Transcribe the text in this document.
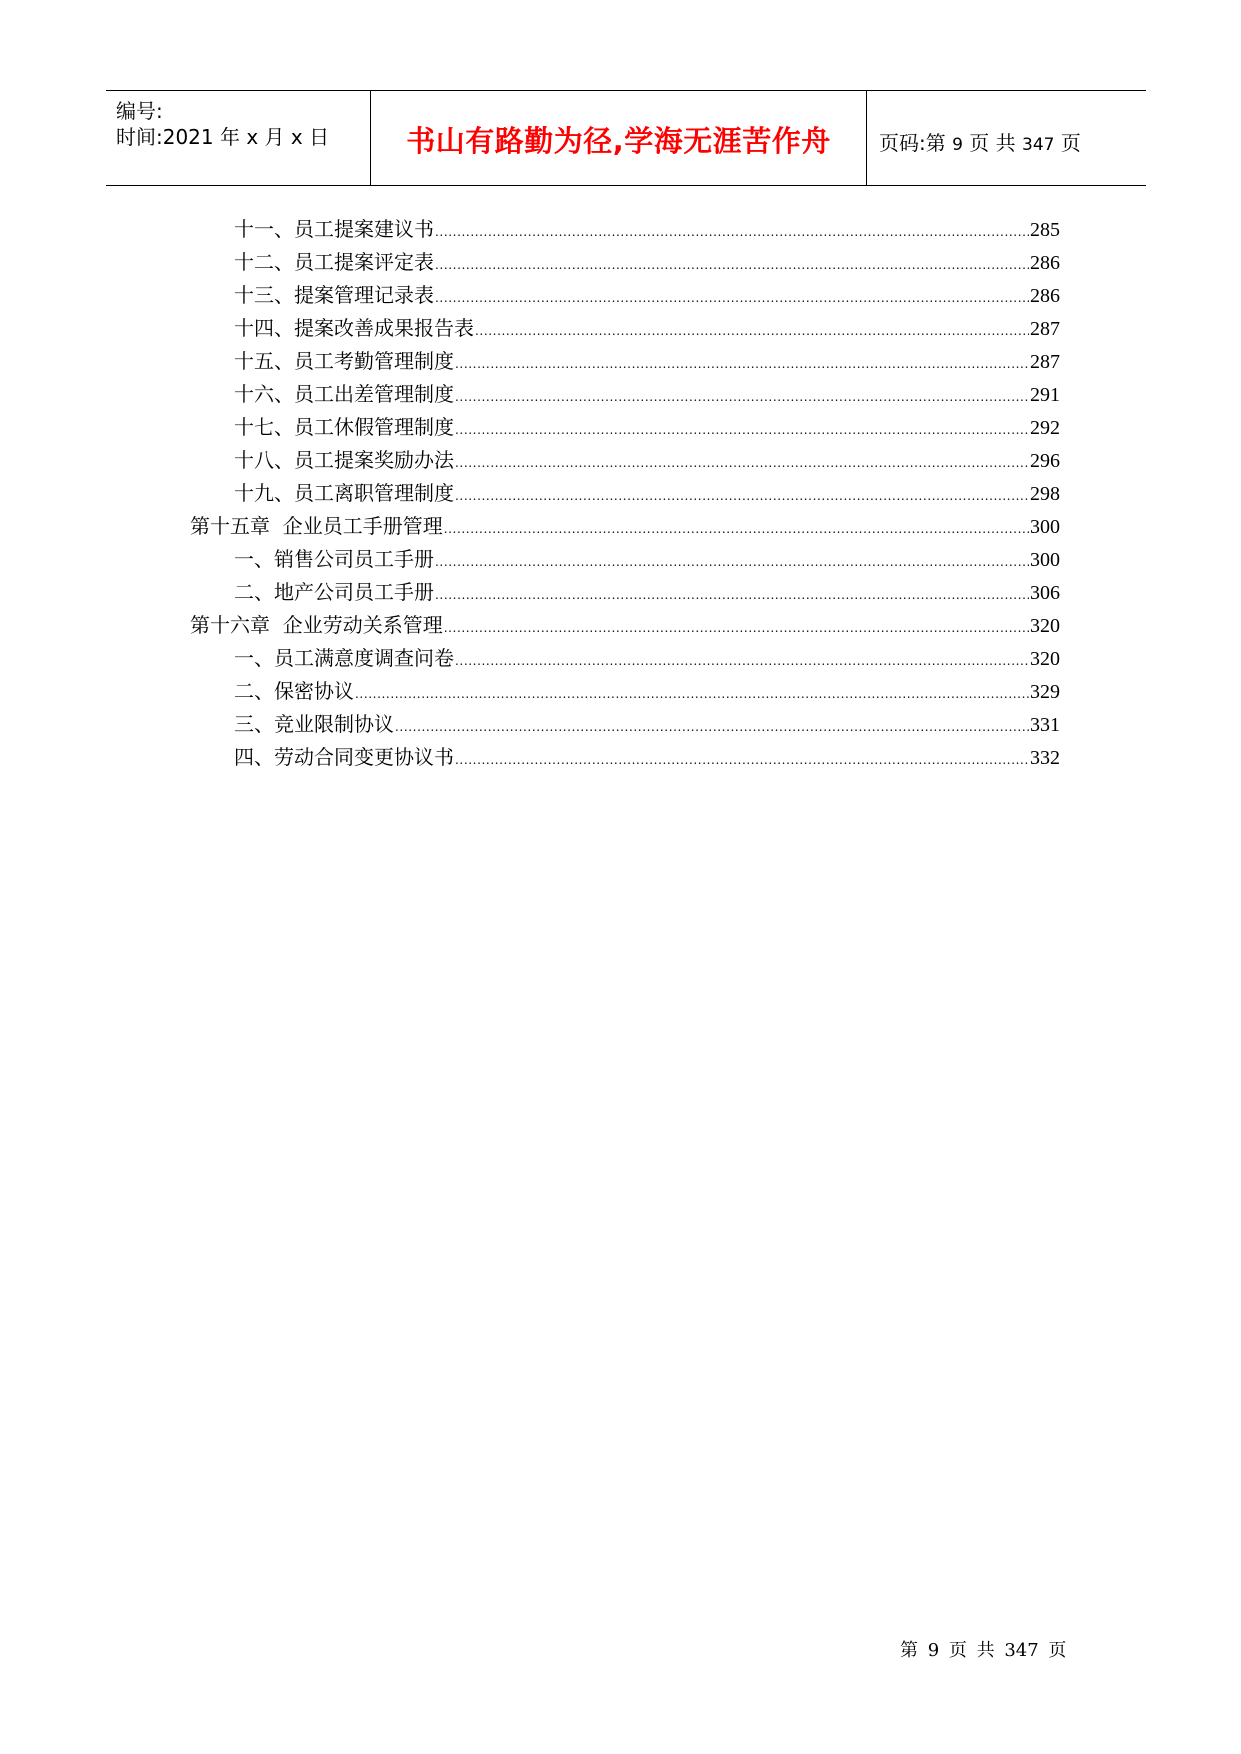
编号:
时间:2021 年 x 月 x 日	书山有路勤为径,学海无涯苦作舟	页码:第 9 页 共 347 页
十一、员工提案建议书 .....	285
十二、员工提案评定表 .....	286
十三、提案管理记录表 .....	286
十四、提案改善成果报告表 .....	287
十五、员工考勤管理制度 .....	287
十六、员工出差管理制度 .....	291
十七、员工休假管理制度 .....	292
十八、员工提案奖励办法 .....	296
十九、员工离职管理制度 .....	298
第十五章  企业员工手册管理 .....	300
一、销售公司员工手册 .....	300
二、地产公司员工手册 .....	306
第十六章  企业劳动关系管理 .....	320
一、员工满意度调查问卷 .....	320
二、保密协议 .....	329
三、竞业限制协议 .....	331
四、劳动合同变更协议书 .....	332
第 9 页 共 347 页
